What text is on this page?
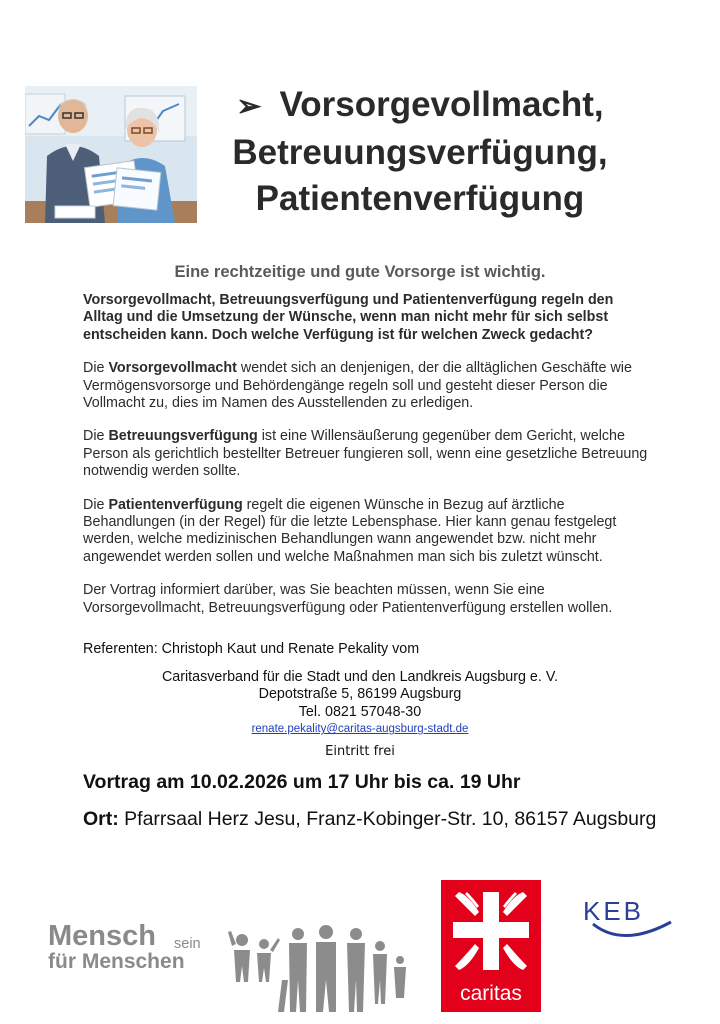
➢ Vorsorgevollmacht,
Betreuungsverfügung,
Patientenverfügung
Eine rechtzeitige und gute Vorsorge ist wichtig.

Vorsorgevollmacht, Betreuungsverfügung und Patientenverfügung regeln den Alltag und die Umsetzung der Wünsche, wenn man nicht mehr für sich selbst entscheiden kann. Doch welche Verfügung ist für welchen Zweck gedacht?

Die Vorsorgevollmacht wendet sich an denjenigen, der die alltäglichen Geschäfte wie Vermögensvorsorge und Behördengänge regeln soll und gesteht dieser Person die Vollmacht zu, dies im Namen des Ausstellenden zu erledigen.

Die Betreuungsverfügung ist eine Willensäußerung gegenüber dem Gericht, welche Person als gerichtlich bestellter Betreuer fungieren soll, wenn eine gesetzliche Betreuung notwendig werden sollte.

Die Patientenverfügung regelt die eigenen Wünsche in Bezug auf ärztliche Behandlungen (in der Regel) für die letzte Lebensphase. Hier kann genau festgelegt werden, welche medizinischen Behandlungen wann angewendet bzw. nicht mehr angewendet werden sollen und welche Maßnahmen man sich bis zuletzt wünscht.

Der Vortrag informiert darüber, was Sie beachten müssen, wenn Sie eine Vorsorgevollmacht, Betreuungsverfügung oder Patientenverfügung erstellen wollen.

Referenten: Christoph Kaut und Renate Pekality vom
Caritasverband für die Stadt und den Landkreis Augsburg e. V.
Depotstraße 5, 86199 Augsburg
Tel. 0821 57048-30
renate.pekality@caritas-augsburg-stadt.de
Eintritt frei
Vortrag am 10.02.2026 um 17 Uhr bis ca. 19 Uhr
Ort: Pfarrsaal Herz Jesu, Franz-Kobinger-Str. 10, 86157 Augsburg
Mensch sein
für Menschen
caritas
KEB
